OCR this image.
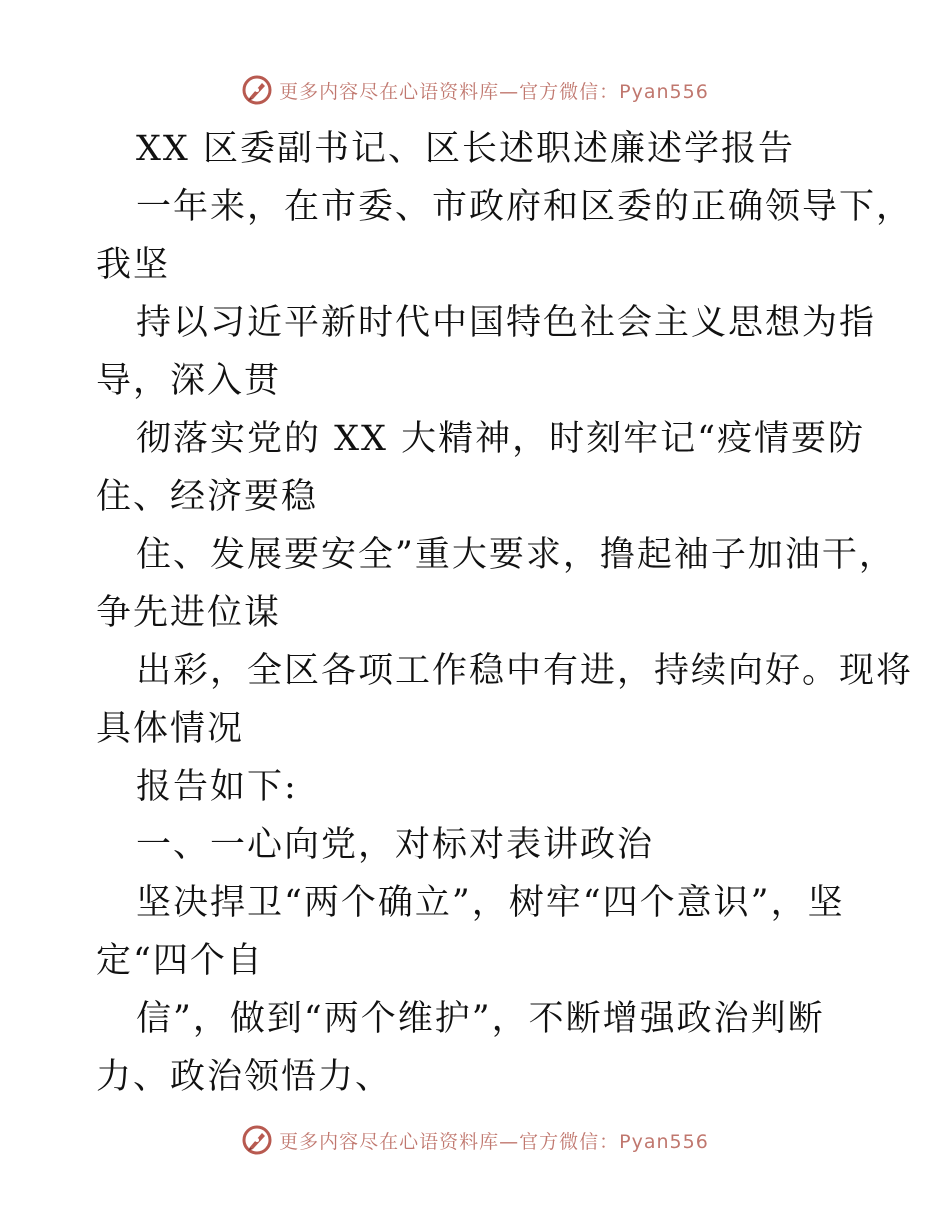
更多内容尽在心语资料库—官方微信：Pyan556
XX 区委副书记、区长述职述廉述学报告
一年来，在市委、市政府和区委的正确领导下，
我坚
持以习近平新时代中国特色社会主义思想为指
导，深入贯
彻落实党的 XX 大精神，时刻牢记“疫情要防
住、经济要稳
住、发展要安全”重大要求，撸起袖子加油干，
争先进位谋
出彩，全区各项工作稳中有进，持续向好。现将
具体情况
报告如下:
一、一心向党，对标对表讲政治
坚决捍卫“两个确立”，树牢“四个意识”，坚
定“四个自
信”，做到“两个维护”，不断增强政治判断
力、政治领悟力、
更多内容尽在心语资料库—官方微信：Pyan556
